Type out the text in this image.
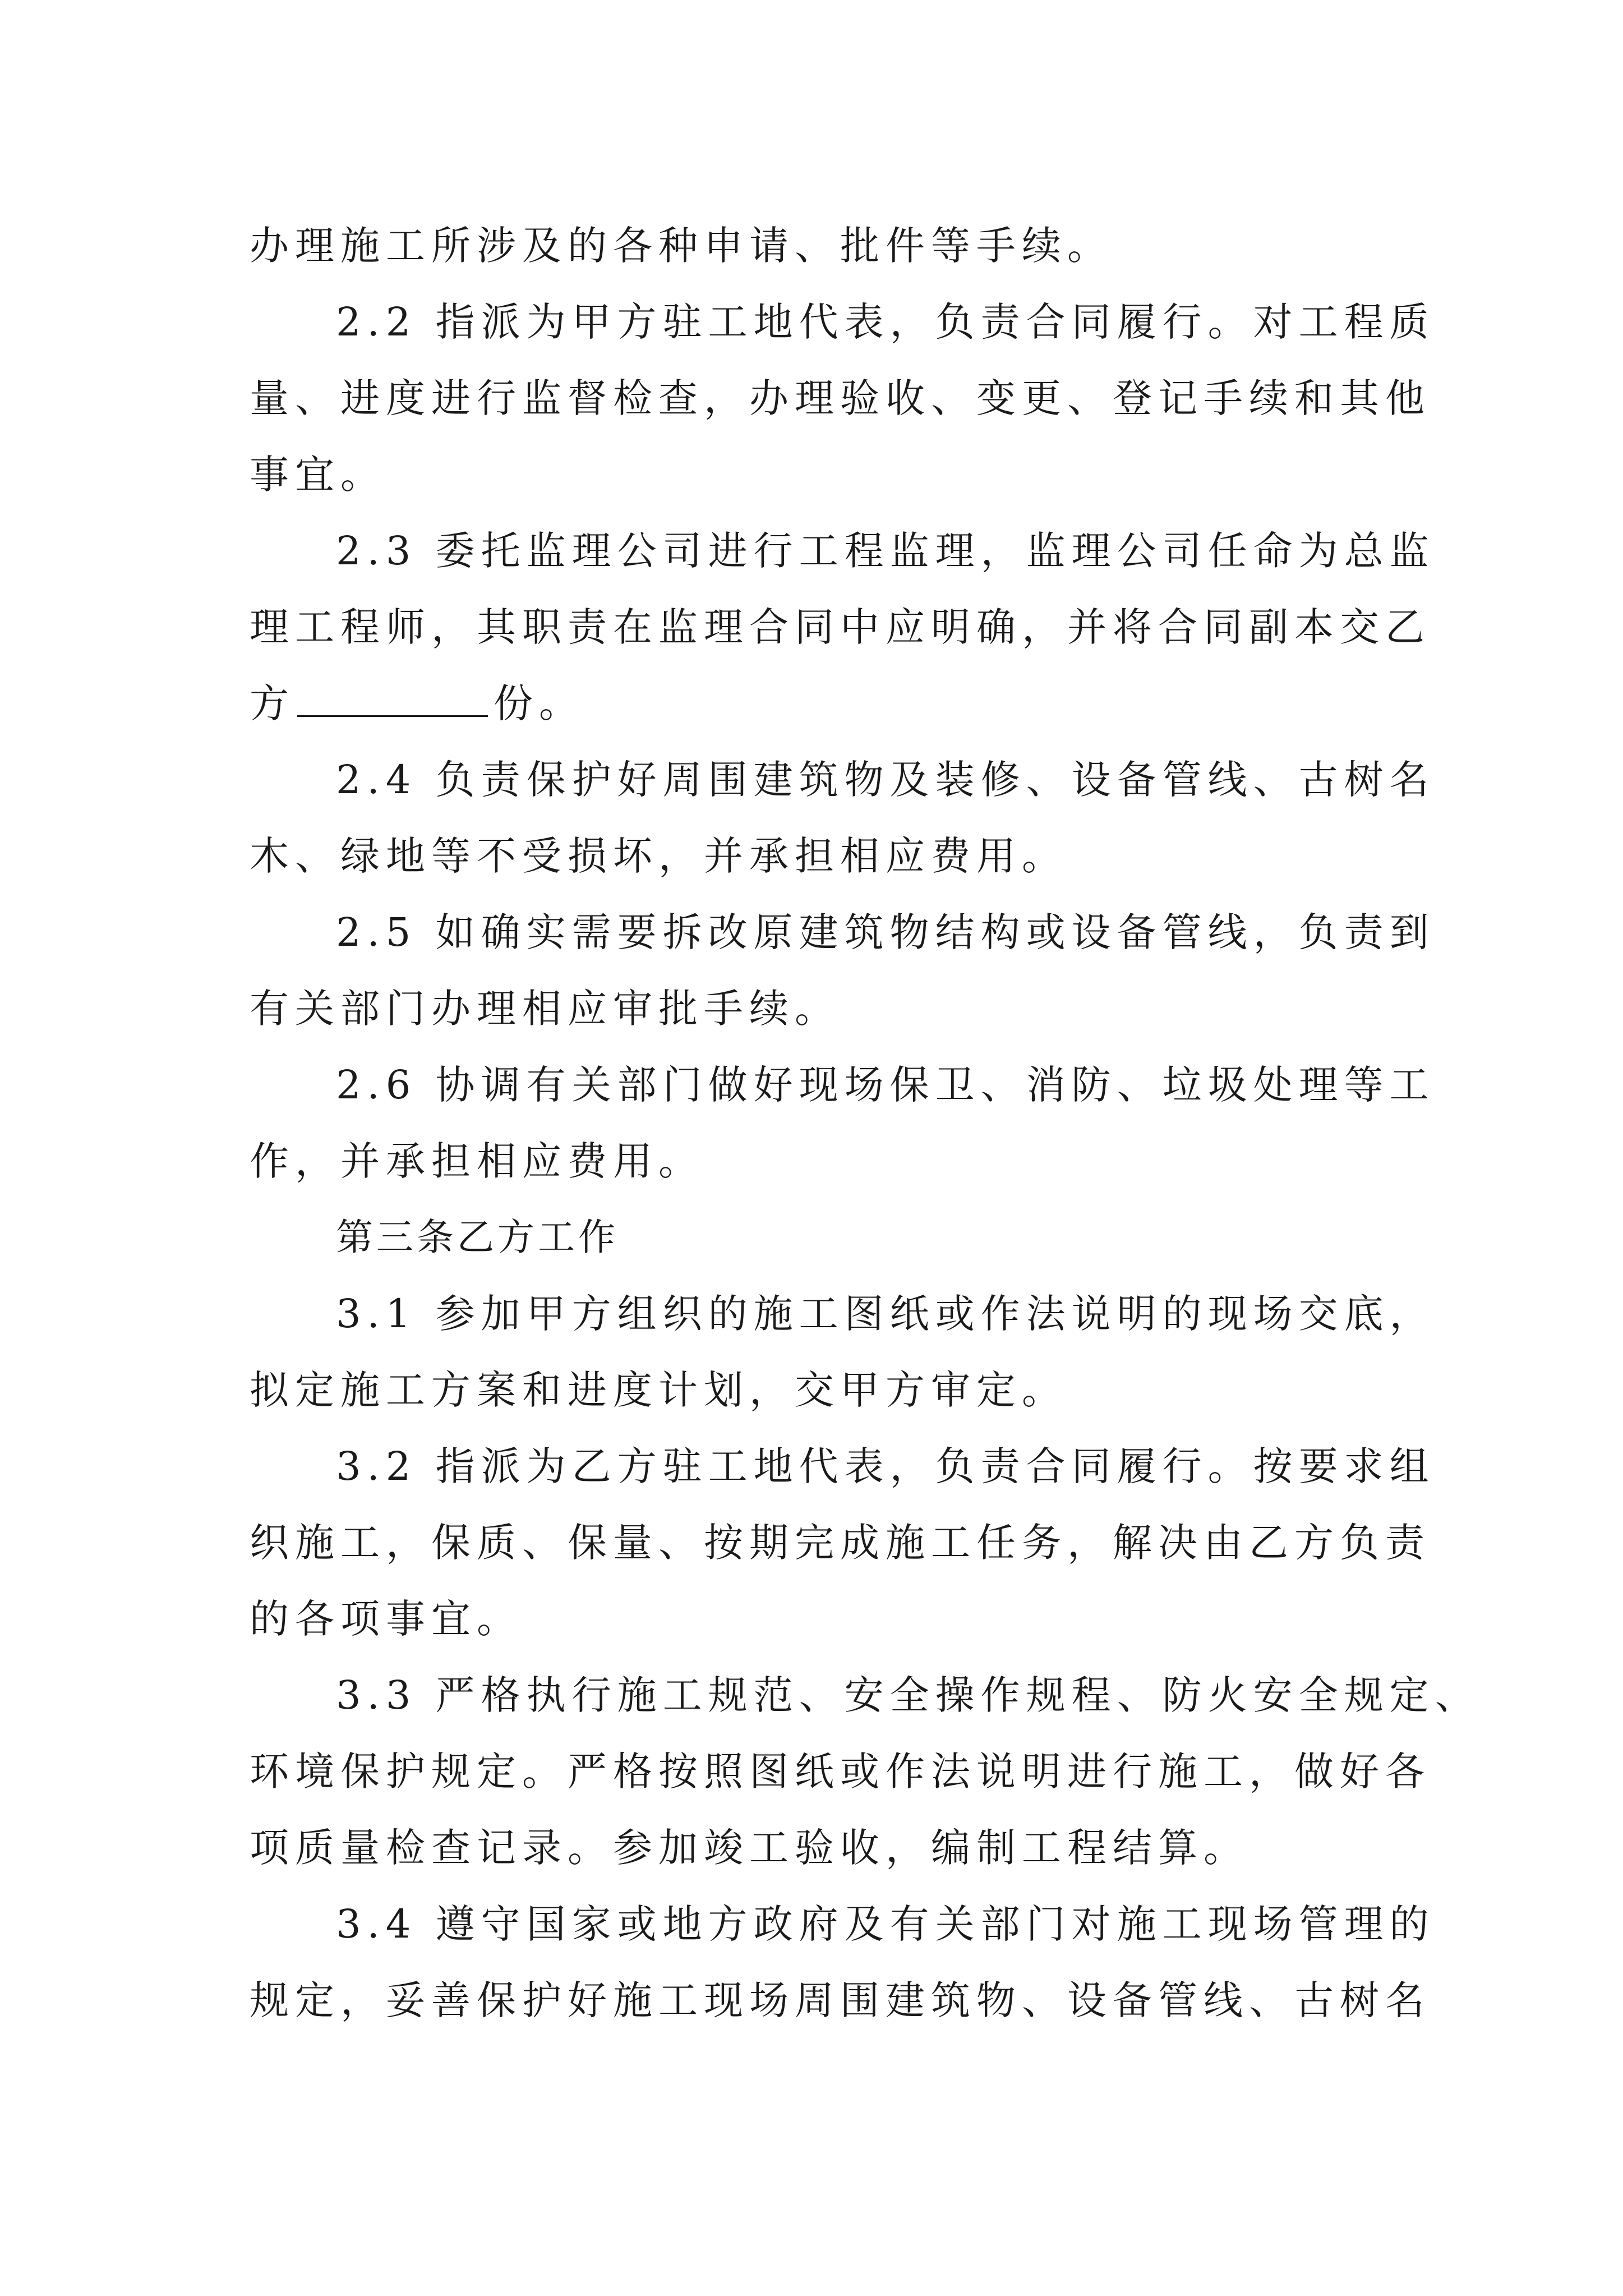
办理施工所涉及的各种申请、批件等手续。
2.2 指派为甲方驻工地代表，负责合同履行。对工程质
量、进度进行监督检查，办理验收、变更、登记手续和其他
事宜。
2.3 委托监理公司进行工程监理，监理公司任命为总监
理工程师，其职责在监理合同中应明确，并将合同副本交乙
方	份。
2.4 负责保护好周围建筑物及装修、设备管线、古树名
木、绿地等不受损坏，并承担相应费用。
2.5 如确实需要拆改原建筑物结构或设备管线，负责到
有关部门办理相应审批手续。
2.6 协调有关部门做好现场保卫、消防、垃圾处理等工
作，并承担相应费用。
第三条乙方工作
3.1 参加甲方组织的施工图纸或作法说明的现场交底，
拟定施工方案和进度计划，交甲方审定。
3.2 指派为乙方驻工地代表，负责合同履行。按要求组
织施工，保质、保量、按期完成施工任务，解决由乙方负责
的各项事宜。
3.3 严格执行施工规范、安全操作规程、防火安全规定、
环境保护规定。严格按照图纸或作法说明进行施工，做好各
项质量检查记录。参加竣工验收，编制工程结算。
3.4 遵守国家或地方政府及有关部门对施工现场管理的
规定，妥善保护好施工现场周围建筑物、设备管线、古树名
